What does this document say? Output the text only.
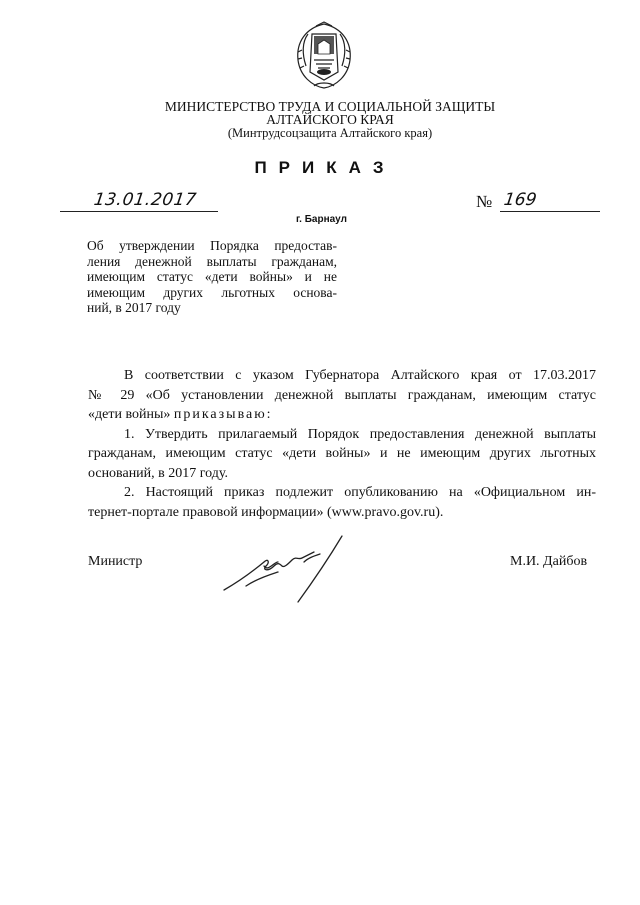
МИНИСТЕРСТВО ТРУДА И СОЦИАЛЬНОЙ ЗАЩИТЫ
АЛТАЙСКОГО КРАЯ
(Минтрудсоцзащита Алтайского края)
ПРИКАЗ
13.01.2017	№ 169
г. Барнаул
Об утверждении Порядка предостав-
ления денежной выплаты гражданам,
имеющим статус «дети войны» и не
имеющим других льготных основа-
ний, в 2017 году
В соответствии с указом Губернатора Алтайского края от 17.03.2017
№ 29 «Об установлении денежной выплаты гражданам, имеющим статус
«дети войны» приказываю:
1. Утвердить прилагаемый Порядок предоставления денежной выплаты
гражданам, имеющим статус «дети войны» и не имеющим других льготных
оснований, в 2017 году.
2. Настоящий приказ подлежит опубликованию на «Официальном ин-
тернет-портале правовой информации» (www.pravo.gov.ru).
Министр	М.И. Дайбов
